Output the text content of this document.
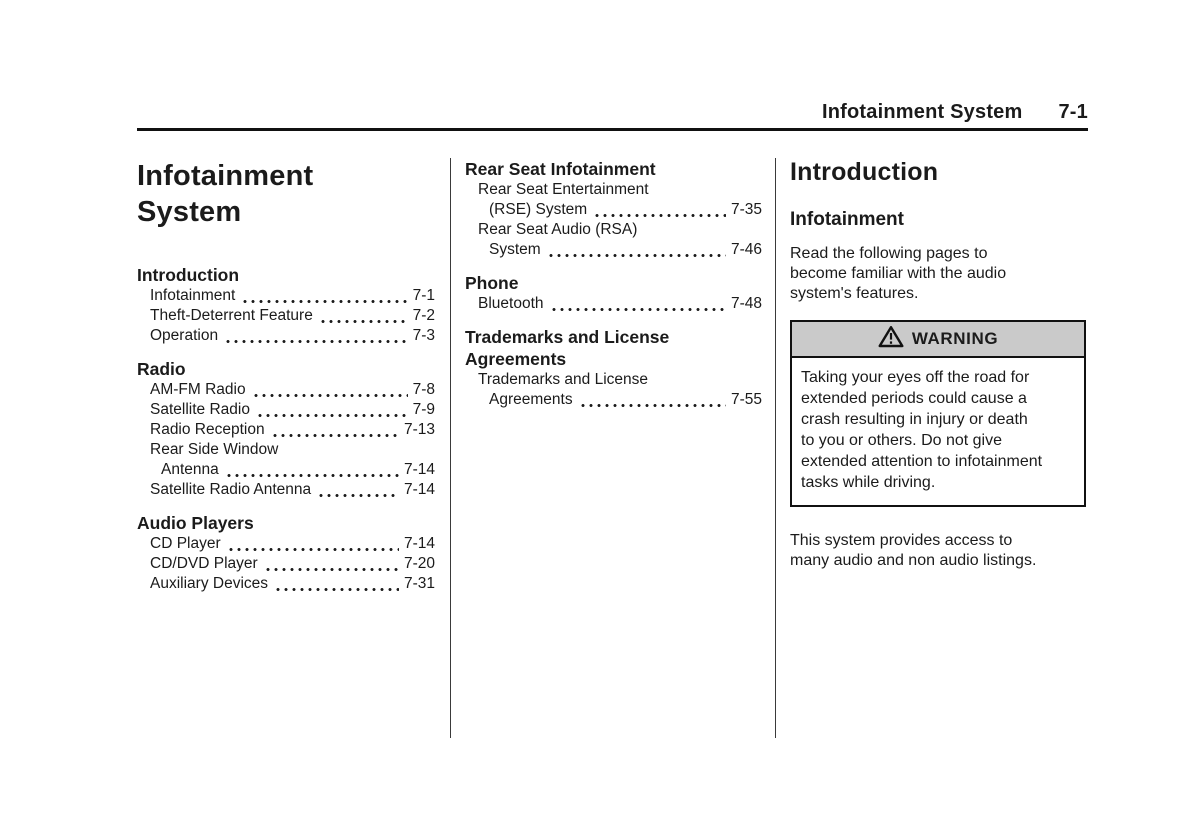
Infotainment System 7-1
Infotainment
System
Introduction
Infotainment	7-1
Theft-Deterrent Feature	7-2
Operation	7-3
Radio
AM-FM Radio	7-8
Satellite Radio	7-9
Radio Reception	7-13
Rear Side Window
Antenna	7-14
Satellite Radio Antenna	7-14
Audio Players
CD Player	7-14
CD/DVD Player	7-20
Auxiliary Devices	7-31
Rear Seat Infotainment
Rear Seat Entertainment
(RSE) System	7-35
Rear Seat Audio (RSA)
System	7-46
Phone
Bluetooth	7-48
Trademarks and License
Agreements
Trademarks and License
Agreements	7-55
Introduction
Infotainment
Read the following pages to
become familiar with the audio
system's features.
WARNING
Taking your eyes off the road for
extended periods could cause a
crash resulting in injury or death
to you or others. Do not give
extended attention to infotainment
tasks while driving.
This system provides access to
many audio and non audio listings.
